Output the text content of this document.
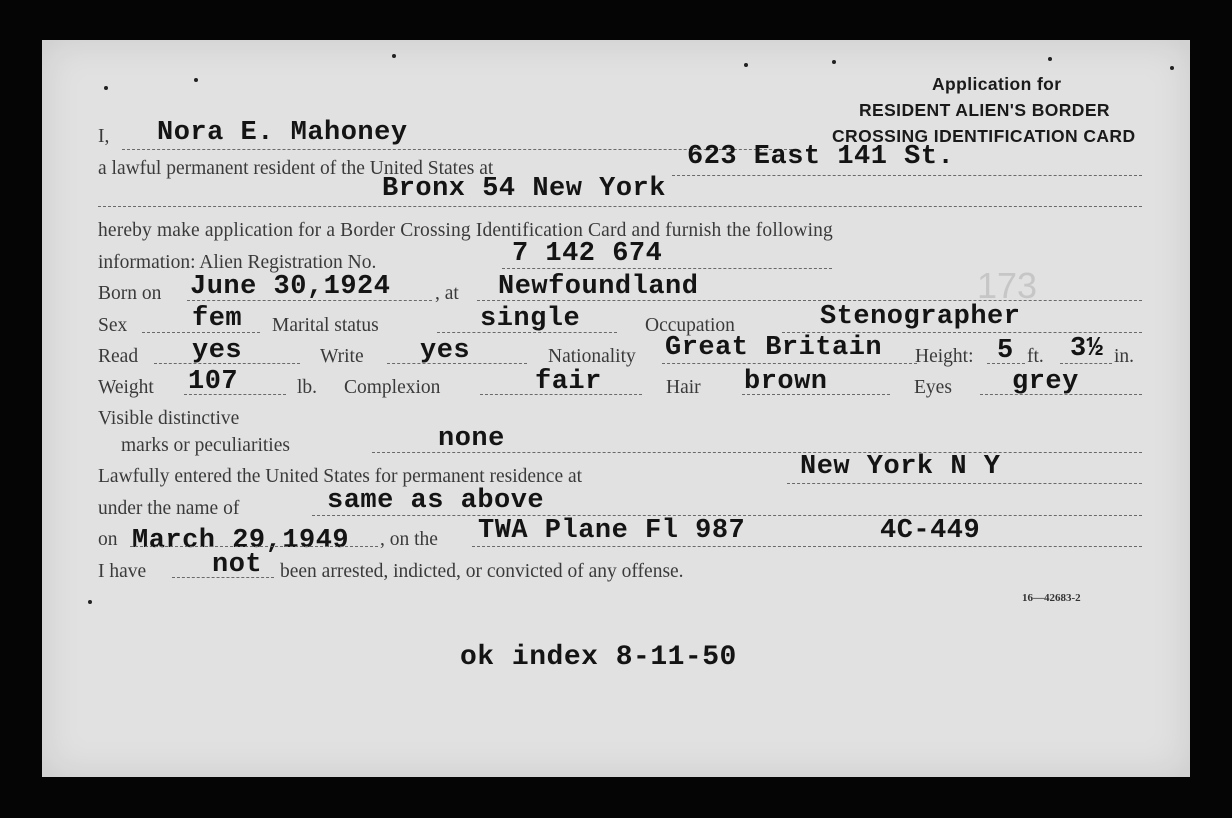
Application for
RESIDENT ALIEN'S BORDER
CROSSING IDENTIFICATION CARD
I, Nora E. Mahoney
a lawful permanent resident of the United States at	623 East 141 St.
Bronx 54 New York
hereby make application for a Border Crossing Identification Card and furnish the following
information: Alien Registration No.	7 142 674
Born on June 30,1924 , at Newfoundland	173
Sex fem Marital status	single	Occupation	Stenographer
Read yes	Write yes	Nationality Great Britain Height: 5 ft. 3½ in.
Weight 107	lb. Complexion	fair	Hair brown	Eyes grey
Visible distinctive
marks or peculiarities	none
Lawfully entered the United States for permanent residence at	New York N Y
under the name of	same as above
on March 29,1949 , on the TWA Plane Fl 987	4C-449
I have not been arrested, indicted, or convicted of any offense.
16—42683-2
ok index 8-11-50
